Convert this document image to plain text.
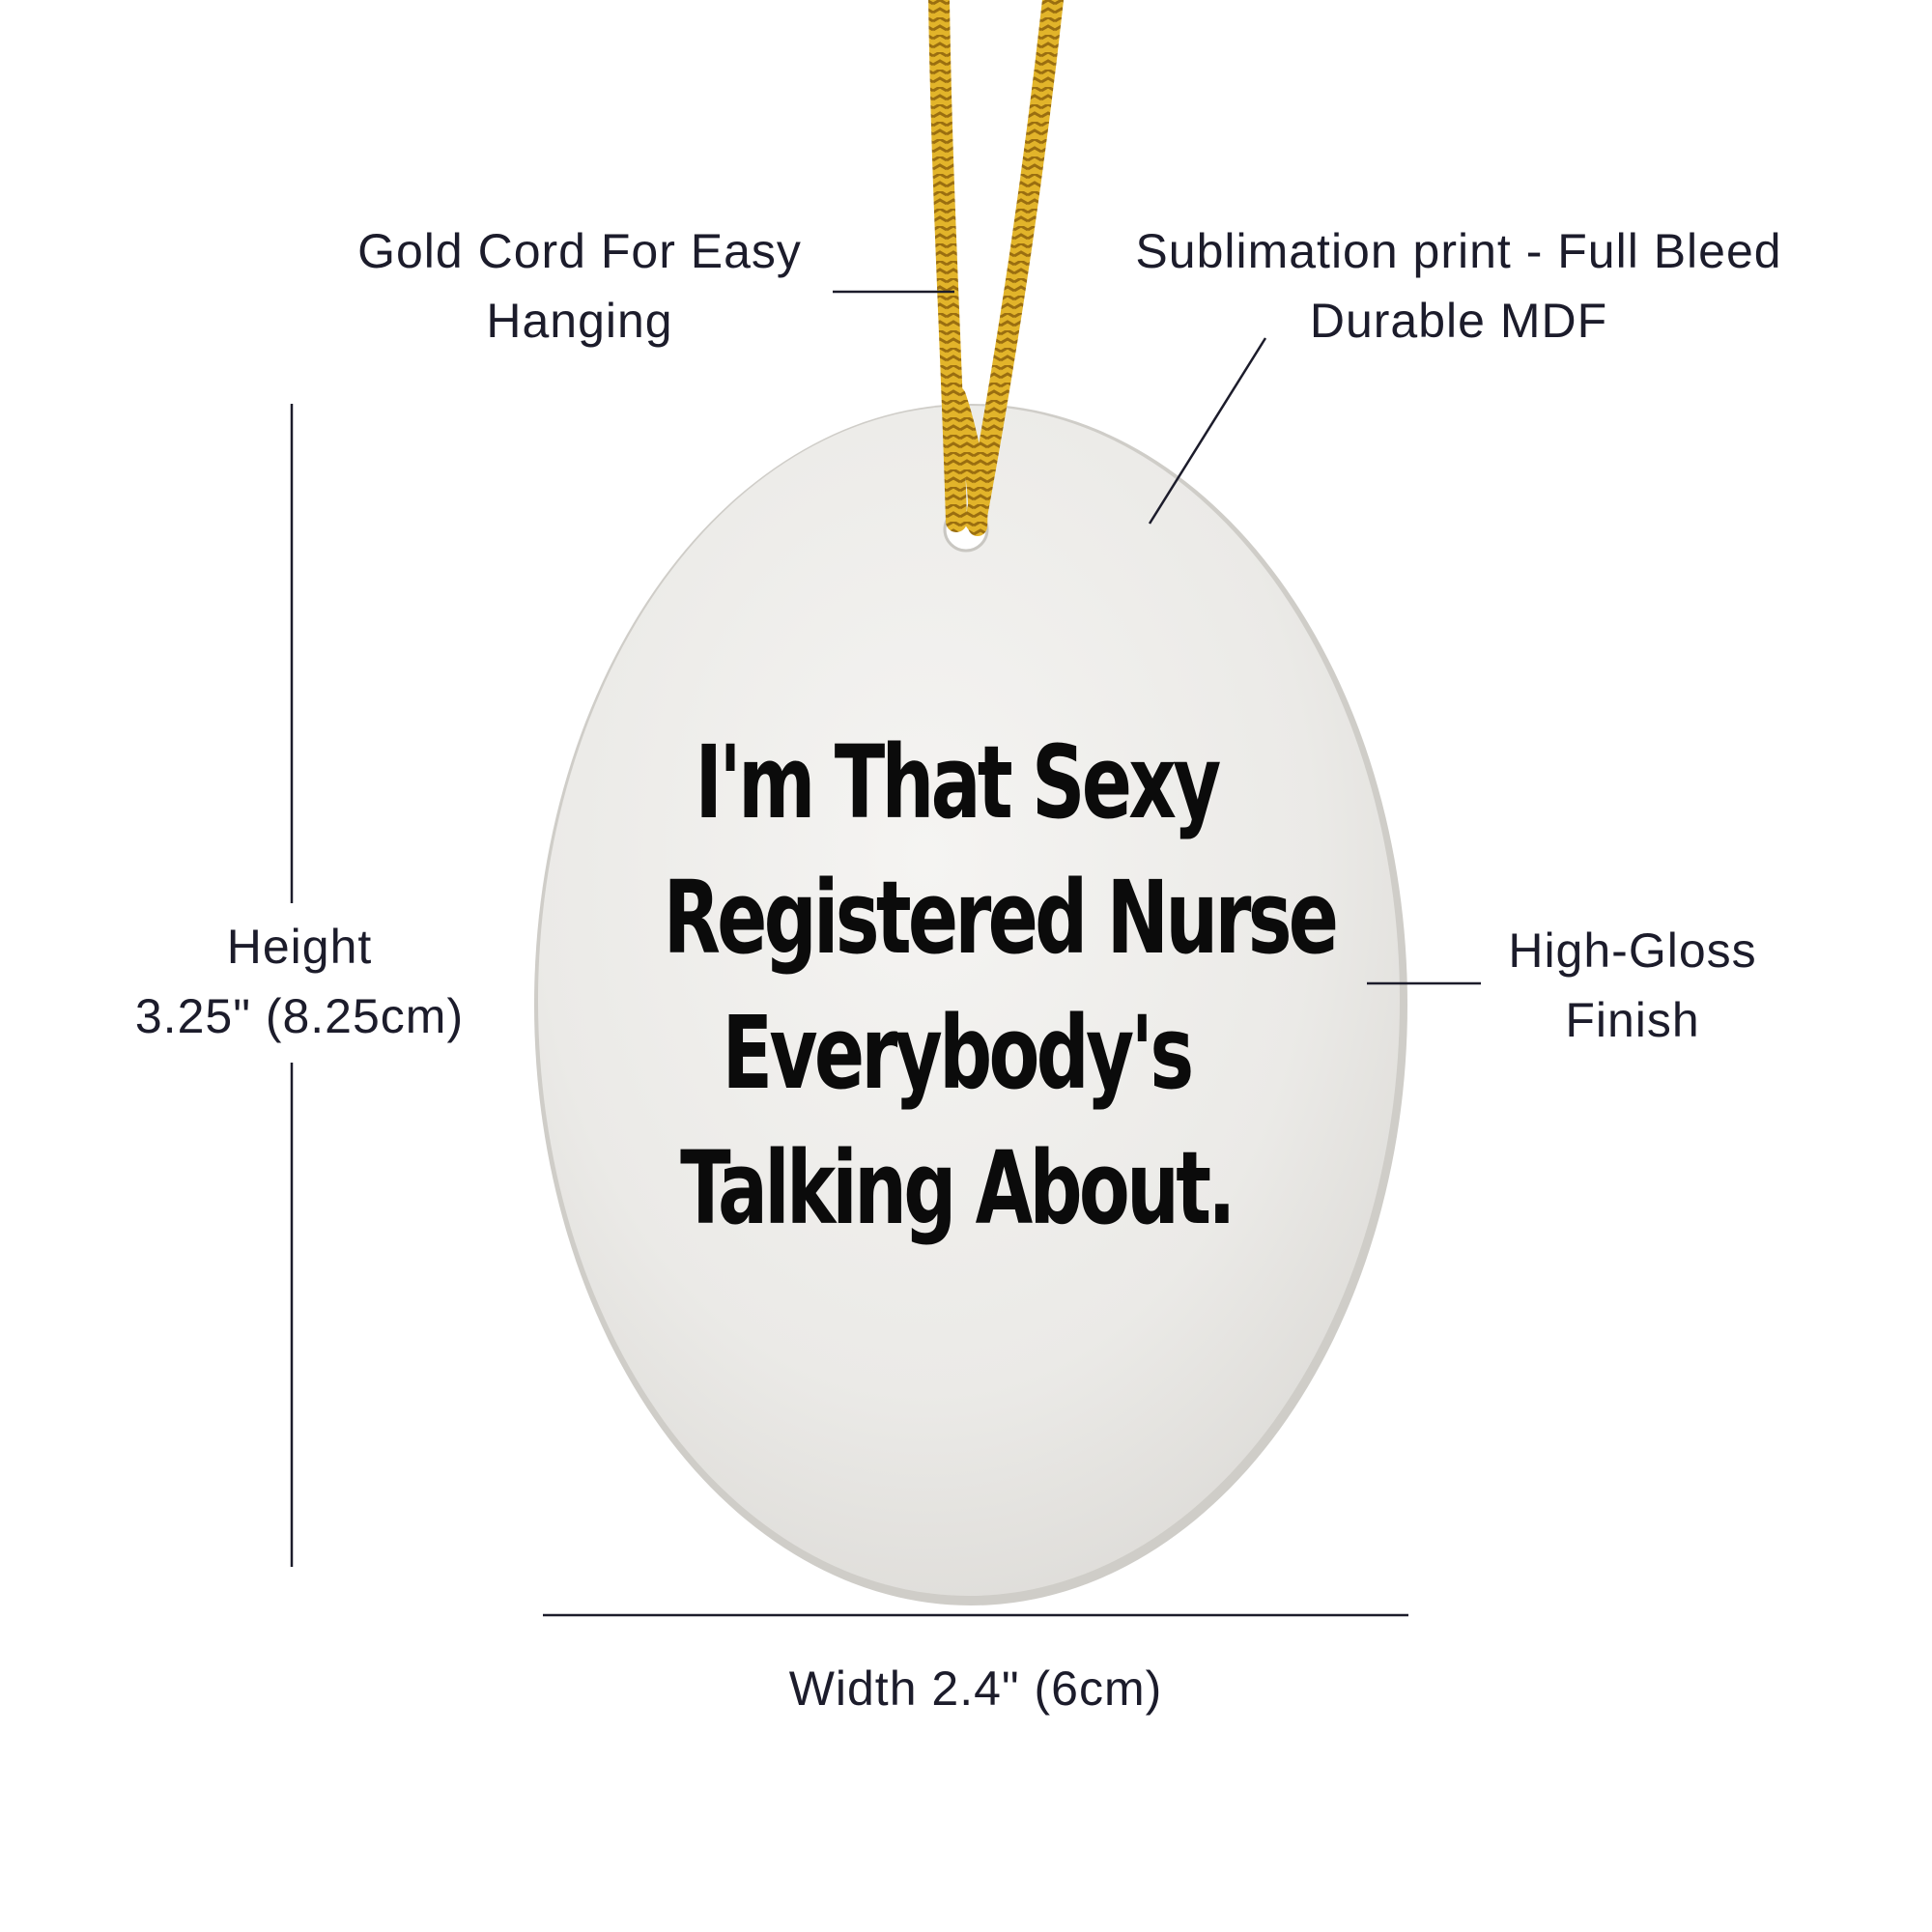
I'm That Sexy
Registered Nurse
Everybody's
Talking About.
Gold Cord For Easy
Hanging
Sublimation print - Full Bleed
Durable MDF
Height
3.25" (8.25cm)
High-Gloss
Finish
Width 2.4" (6cm)
